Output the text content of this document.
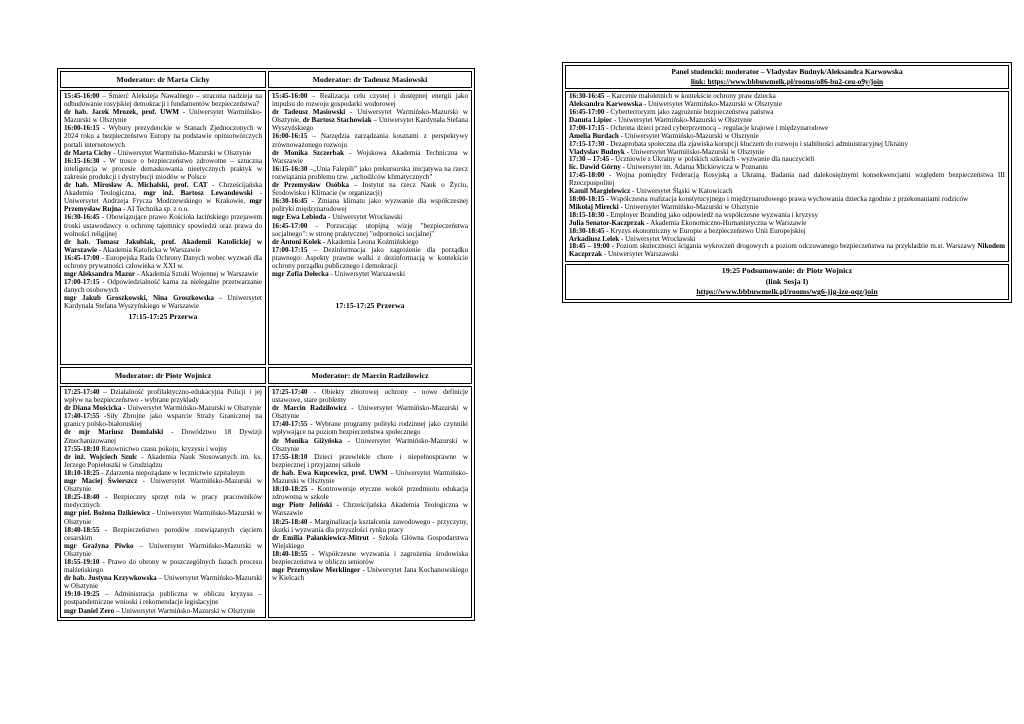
Moderator: dr Marta Cichy	Moderator: dr Tadeusz Masiowski

15:45-16:00 – Śmierć Aleksieja Nawalnego – stracona nadzieja na odbudowanie rosyjskiej demokracji i fundamentów bezpieczeństwa?
dr hab. Jacek Mrozek, prof. UWM - Uniwersytet Warmińsko-Mazurski w Olsztynie
16:00-16:15 - Wybory prezydenckie w Stanach Zjednoczonych w 2024 roku a bezpieczeństwo Europy na podstawie opiniotwórczych portali internetowych
dr Marta Cichy - Uniwersytet Warmińsko-Mazurski w Olsztynie
16:15-16:30 - W trosce o bezpieczeństwo zdrowotne – sztuczna inteligencja w procesie demaskowania nieetycznych praktyk w zakresie produkcji i dystrybucji miodów w Polsce
dr hab. Mirosław A. Michalski, prof. CAT - Chrześcijańska Akademia Teologiczna, mgr inż. Bartosz Lewandowski - Uniwersytet Andrzeja Frycza Modrzewskiego w Krakowie, mgr Przemysław Rujna - AI Technika sp. z o.o.
16:30-16:45 - Obowiązujące prawo Kościoła łacińskiego przejawem troski ustawodawcy o ochronę tajemnicy spowiedzi oraz prawa do wolności religijnej
dr hab. Tomasz Jakubiak, prof. Akademii Katolickiej w Warszawie - Akademia Katolicka w Warszawie
16:45-17:00 - Europejska Rada Ochrony Danych wobec wyzwań dla ochrony prywatności człowieka w XXI w.
mgr Aleksandra Mazur - Akademia Sztuki Wojennej w Warszawie
17:00-17:15 - Odpowiedzialność karna za nielegalne przetwarzanie danych osobowych
mgr Jakub Groszkowski, Nina Groszkowska - Uniwersytet Kardynała Stefana Wyszyńskiego w Warszawie
17:15-17:25 Przerwa

15:45-16:00 – Realizacja celu czystej i dostępnej energii jako impulsu do rozwoju gospodarki wodorowej
dr Tadeusz Masiowski - Uniwersytet Warmińsko-Mazurski w Olsztynie, dr Bartosz Stachowiak – Uniwersytet Kardynała Stefana Wyszyńskiego
16:00-16:15 – Narzędzia zarządzania kosztami z perspektywy zrównoważonego rozwoju
dr Monika Szczerbak - Wojskowa Akademia Techniczna w Warszawie
16:15-16:30 –„Unia Falepili” jako prekursorska inicjatywa na rzecz rozwiązania problemu tzw. „uchodźców klimatycznych”
dr Przemysław Osóbka – Instytut na rzecz Nauk o Życiu, Środowisku i Klimacie (w organizacji)
16:30-16:45 - Zmiana klimatu jako wyzwanie dla współczesnej polityki międzynarodowej
mgr Ewa Lebioda - Uniwersytet Wrocławski
16:45-17:00 - Porzucając utopijną wizję "bezpieczeństwa socjalnego": w stronę praktycznej "odporności socjalnej"
dr Antoni Kolek - Akademia Leona Koźmińskiego
17:00-17:15 – Dezinformacja jako zagrożenie dla porządku prawnego: Aspekty prawne walki z dezinformacją w kontekście ochrony porządku publicznego i demokracji
mgr Zofia Dołecka - Uniwersytet Warszawski
17:15-17:25 Przerwa

Moderator: dr Piotr Wojnicz	Moderator: dr Marcin Radziłowicz

17:25-17:40 – Działalność profilaktyczno-edukacyjna Policji i jej wpływ na bezpieczeństwo - wybrane przykłady
dr Diana Mościcka - Uniwersytet Warmińsko-Mazurski w Olsztynie
17:40-17:55 -Siły Zbrojne jako wsparcie Straży Granicznej na granicy polsko-białoruskiej
dr mjr Mariusz Domżalski - Dowództwo 18 Dywizji Zmechanizowanej
17:55-18:10 Ratownictwo czasu pokoju, kryzysu i wojny
dr inż. Wojciech Szulc - Akademia Nauk Stosowanych im. ks. Jerzego Popiełuszki w Grudziądzu
18:10-18:25 - Zdarzenia niepożądane w lecznictwie szpitalnym
mgr Maciej Świerszcz - Uniwersytet Warmińsko-Mazurski w Olsztynie
18:25-18:40 - Bezpieczny sprzęt rola w pracy pracowników medycznych
mgr piel. Bożena Dzikiewicz - Uniwersytet Warmińsko-Mazurski w Olsztynie
18:40-18:55 - Bezpieczeństwo porodów rozwiązanych cięciem cesarskim
mgr Grażyna Piwko – Uniwersytet Warmińsko-Mazurski w Olsztynie
18:55-19:10 - Prawo do obrony w poszczególnych fazach procesu małżeńskiego
dr hab. Justyna Krzywkowska – Uniwersytet Warmińsko-Mazurski w Olsztynie
19:10-19:25 – Administracja publiczna w obliczu kryzysu – postpandemiczne wnioski i rekomendacje legislacyjne
mgr Daniel Zero – Uniwersytet Warmińsko-Mazurski w Olsztynie

17:25-17:40 - Obiekty zbiorowej ochrony - nowe definicje ustawowe, stare problemy
dr Marcin Radziłowicz - Uniwersytet Warmińsko-Mazurski w Olsztynie
17:40-17:55 - Wybrane programy polityki rodzinnej jako czynniki wpływające na poziom bezpieczeństwa społecznego
dr Monika Giżyńska - Uniwersytet Warmińsko-Mazurski w Olsztynie
17:55-18:10 Dzieci przewlekle chore i niepełnosprawne w bezpiecznej i przyjaznej szkole
dr hab. Ewa Kupcewicz, prof. UWM - Uniwersytet Warmińsko-Mazurski w Olsztynie
18:10-18:25 - Kontrowersje etyczne wokół przedmiotu edukacja zdrowotna w szkole
mgr Piotr Jeliński - Chrześcijańska Akademia Teologiczna w Warszawie
18:25-18:40 - Marginalizacja kształcenia zawodowego - przyczyny, skutki i wyzwania dla przyszłości rynku pracy
dr Emilia Pałankiewicz-Mitrut - Szkoła Główna Gospodarstwa Wiejskiego
18:40-18:55 - Współczesne wyzwania i zagrożenia środowiska bezpieczeństwa w obliczu seniorów
mgr Przemysław Merklinger - Uniwersytet Jana Kochanowskiego w Kielcach
Panel studencki: moderator – Vladyslav Budnyk/Aleksandra Karwowska
link: https://www.bbbuwmelk.pl/rooms/o86-bu2-ceu-o9y/join

16:30-16:45 – Karcenie małoletnich w kontekście ochrony praw dziecka
Aleksandra Karwowska - Uniwersytet Warmińsko-Mazurski w Olsztynie
16:45-17:00 - Cyberterroryzm jako zagrożenie bezpieczeństwa państwa
Danuta Lipiec - Uniwersytet Warmińsko-Mazurski w Olsztynie
17:00-17:15 - Ochrona dzieci przed cyberprzemocą – regulacje krajowe i międzynarodowe
Amelia Burdach - Uniwersytet Warmińsko-Mazurski w Olsztynie
17:15-17:30 - Dezaprobata społeczna dla zjawiska korupcji kluczem do rozwoju i stabilności administracyjnej Ukrainy
Vladyslav Budnyk - Uniwersytet Warmińsko-Mazurski w Olsztynie
17:30 – 17:45 - Uczniowie z Ukrainy w polskich szkołach - wyzwanie dla nauczycieli
lic. Dawid Górny - Uniwersytet im. Adama Mickiewicza w Poznaniu
17:45-18:00 - Wojna pomiędzy Federacją Rosyjską a Ukrainą. Badania nad dalekosiężnymi konsekwencjami względem bezpieczeństwa III Rzeczpospolitej
Kamil Margielewicz - Uniwersytet Śląski w Katowicach
18:00-18:15 - Współczesna realizacja konstytucyjnego i międzynarodowego prawa wychowania dziecka zgodnie z przekonaniami rodziców
Mikołaj Mirecki - Uniwersytet Warmińsko-Mazurski w Olsztynie
18:15-18:30 - Employer Branding jako odpowiedź na współczesne wyzwania i kryzysy
Julia Senator-Kaczprzak - Akademia Ekonomiczno-Humanistyczna w Warszawie
18:30-18:45 - Kryzys ekonomiczny w Europie a bezpieczeństwo Unii Europejskiej
Arkadiusz Lelek - Uniwersytet Wrocławski
18:45 – 19:00 - Poziom skuteczności ścigania wykroczeń drogowych a poziom odczuwanego bezpieczeństwa na przykładzie m.st. Warszawy Nikodem Kaczprzak - Uniwersytet Warszawski

19:25 Podsumowanie: dr Piotr Wojnicz
(link Sesja I)
https://www.bbbuwmelk.pl/rooms/wg6-jjg-ize-oqz/join
